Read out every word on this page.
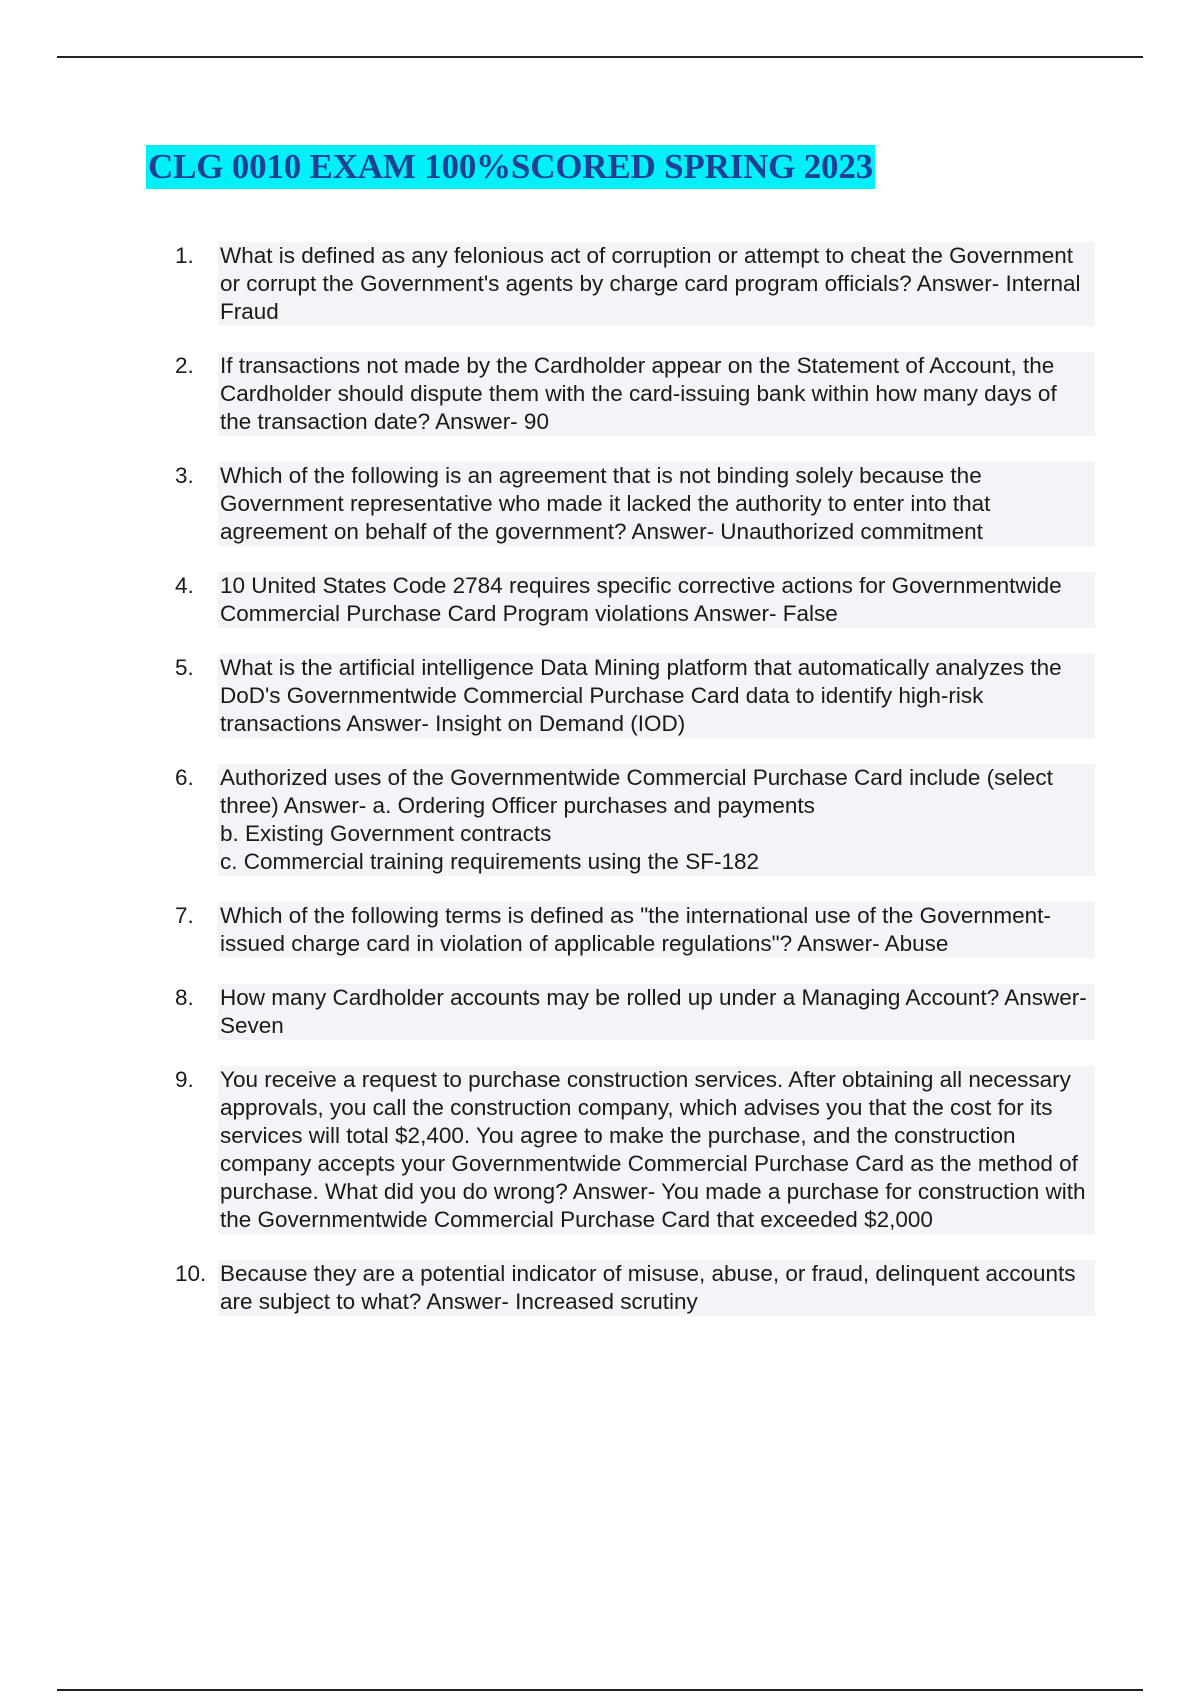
CLG 0010 EXAM 100%SCORED SPRING 2023
1.	What is defined as any felonious act of corruption or attempt to cheat the Government or corrupt the Government's agents by charge card program officials? Answer- Internal Fraud
2.	If transactions not made by the Cardholder appear on the Statement of Account, the Cardholder should dispute them with the card-issuing bank within how many days of the transaction date? Answer- 90
3.	Which of the following is an agreement that is not binding solely because the Government representative who made it lacked the authority to enter into that agreement on behalf of the government? Answer- Unauthorized commitment
4.	10 United States Code 2784 requires specific corrective actions for Governmentwide Commercial Purchase Card Program violations Answer- False
5.	What is the artificial intelligence Data Mining platform that automatically analyzes the DoD's Governmentwide Commercial Purchase Card data to identify high-risk transactions Answer- Insight on Demand (IOD)
6.	Authorized uses of the Governmentwide Commercial Purchase Card include (select three) Answer- a. Ordering Officer purchases and payments
b. Existing Government contracts
c. Commercial training requirements using the SF-182
7.	Which of the following terms is defined as "the international use of the Government-issued charge card in violation of applicable regulations"? Answer- Abuse
8.	How many Cardholder accounts may be rolled up under a Managing Account? Answer- Seven
9.	You receive a request to purchase construction services. After obtaining all necessary approvals, you call the construction company, which advises you that the cost for its services will total $2,400. You agree to make the purchase, and the construction company accepts your Governmentwide Commercial Purchase Card as the method of purchase. What did you do wrong? Answer- You made a purchase for construction with the Governmentwide Commercial Purchase Card that exceeded $2,000
10. Because they are a potential indicator of misuse, abuse, or fraud, delinquent accounts are subject to what? Answer- Increased scrutiny
